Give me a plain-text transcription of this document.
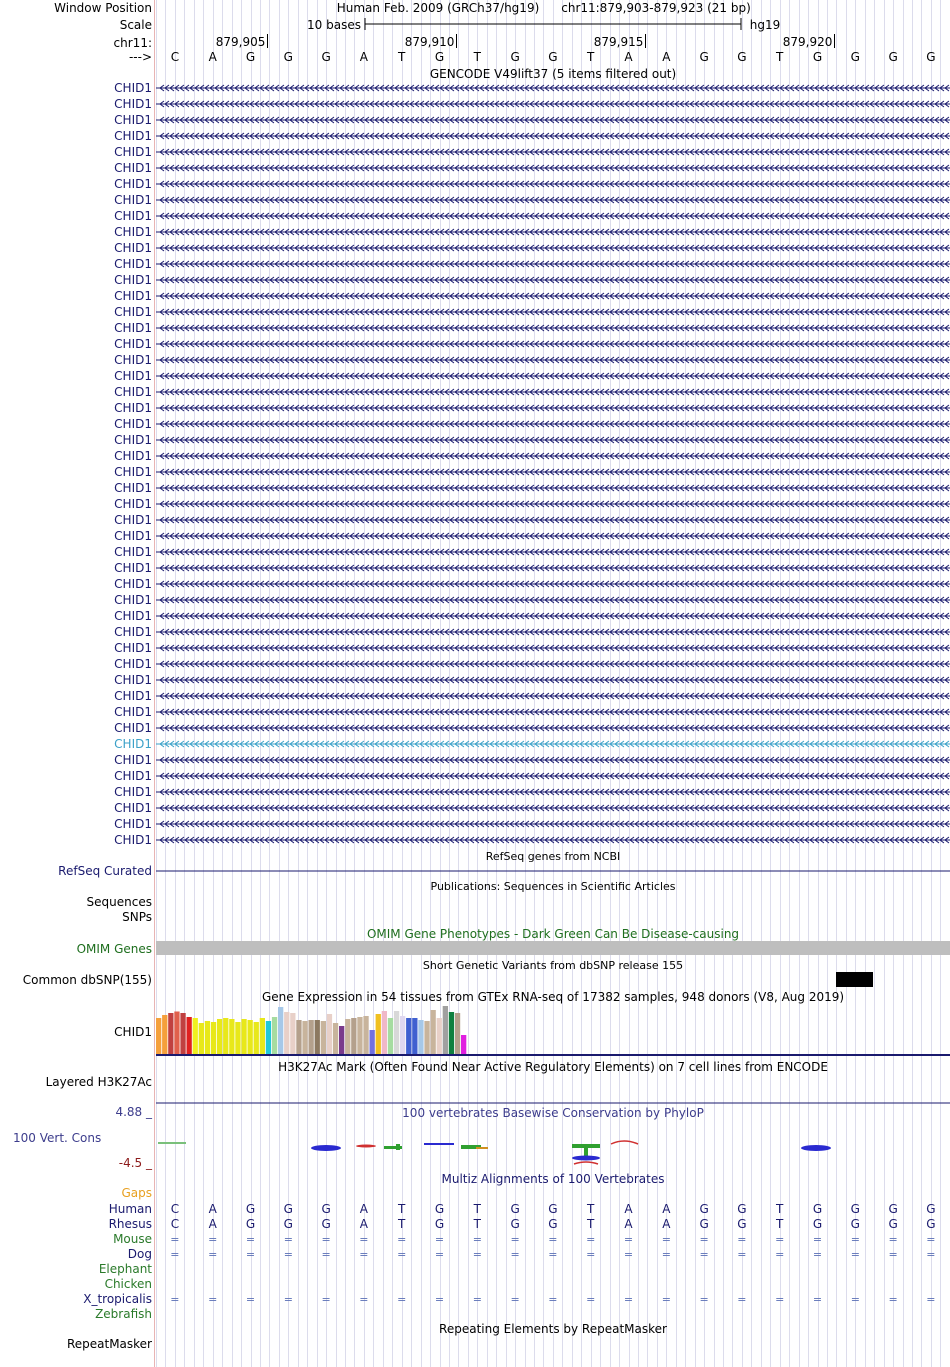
Window Position
Scale
chr11:
--->
Human Feb. 2009 (GRCh37/hg19) chr11:879,903-879,923 (21 bp)
10 bases	hg19
879,905	879,910	879,915	879,920
C	A	G	G	G	A	T	G	T	G	G	T	A	A	G	G	T	G	G	G	G
GENCODE V49lift37 (5 items filtered out)
CHID1
CHID1
CHID1
CHID1
CHID1
CHID1
CHID1
CHID1
CHID1
CHID1
CHID1
CHID1
CHID1
CHID1
CHID1
CHID1
CHID1
CHID1
CHID1
CHID1
CHID1
CHID1
CHID1
CHID1
CHID1
CHID1
CHID1
CHID1
CHID1
CHID1
CHID1
CHID1
CHID1
CHID1
CHID1
CHID1
CHID1
CHID1
CHID1
CHID1
CHID1
CHID1
CHID1
CHID1
CHID1
CHID1
CHID1
CHID1
RefSeq genes from NCBI
RefSeq Curated
Publications: Sequences in Scientific Articles
Sequences
SNPs
OMIM Gene Phenotypes - Dark Green Can Be Disease-causing
OMIM Genes
Short Genetic Variants from dbSNP release 155
Common dbSNP(155)
Gene Expression in 54 tissues from GTEx RNA-seq of 17382 samples, 948 donors (V8, Aug 2019)
CHID1
H3K27Ac Mark (Often Found Near Active Regulatory Elements) on 7 cell lines from ENCODE
Layered H3K27Ac
100 vertebrates Basewise Conservation by PhyloP
4.88 _
100 Vert. Cons
-4.5 _
Multiz Alignments of 100 Vertebrates
Gaps
Human	C	A	G	G	G	A	T	G	T	G	G	T	A	A	G	G	T	G	G	G	G
Rhesus	C	A	G	G	G	A	T	G	T	G	G	T	A	A	G	G	T	G	G	G	G
Mouse	=	=	=	=	=	=	=	=	=	=	=	=	=	=	=	=	=	=	=	=	=
Dog	=	=	=	=	=	=	=	=	=	=	=	=	=	=	=	=	=	=	=	=	=
Elephant
Chicken
X_tropicalis	=	=	=	=	=	=	=	=	=	=	=	=	=	=	=	=	=	=	=	=	=
Zebrafish
Repeating Elements by RepeatMasker
RepeatMasker
